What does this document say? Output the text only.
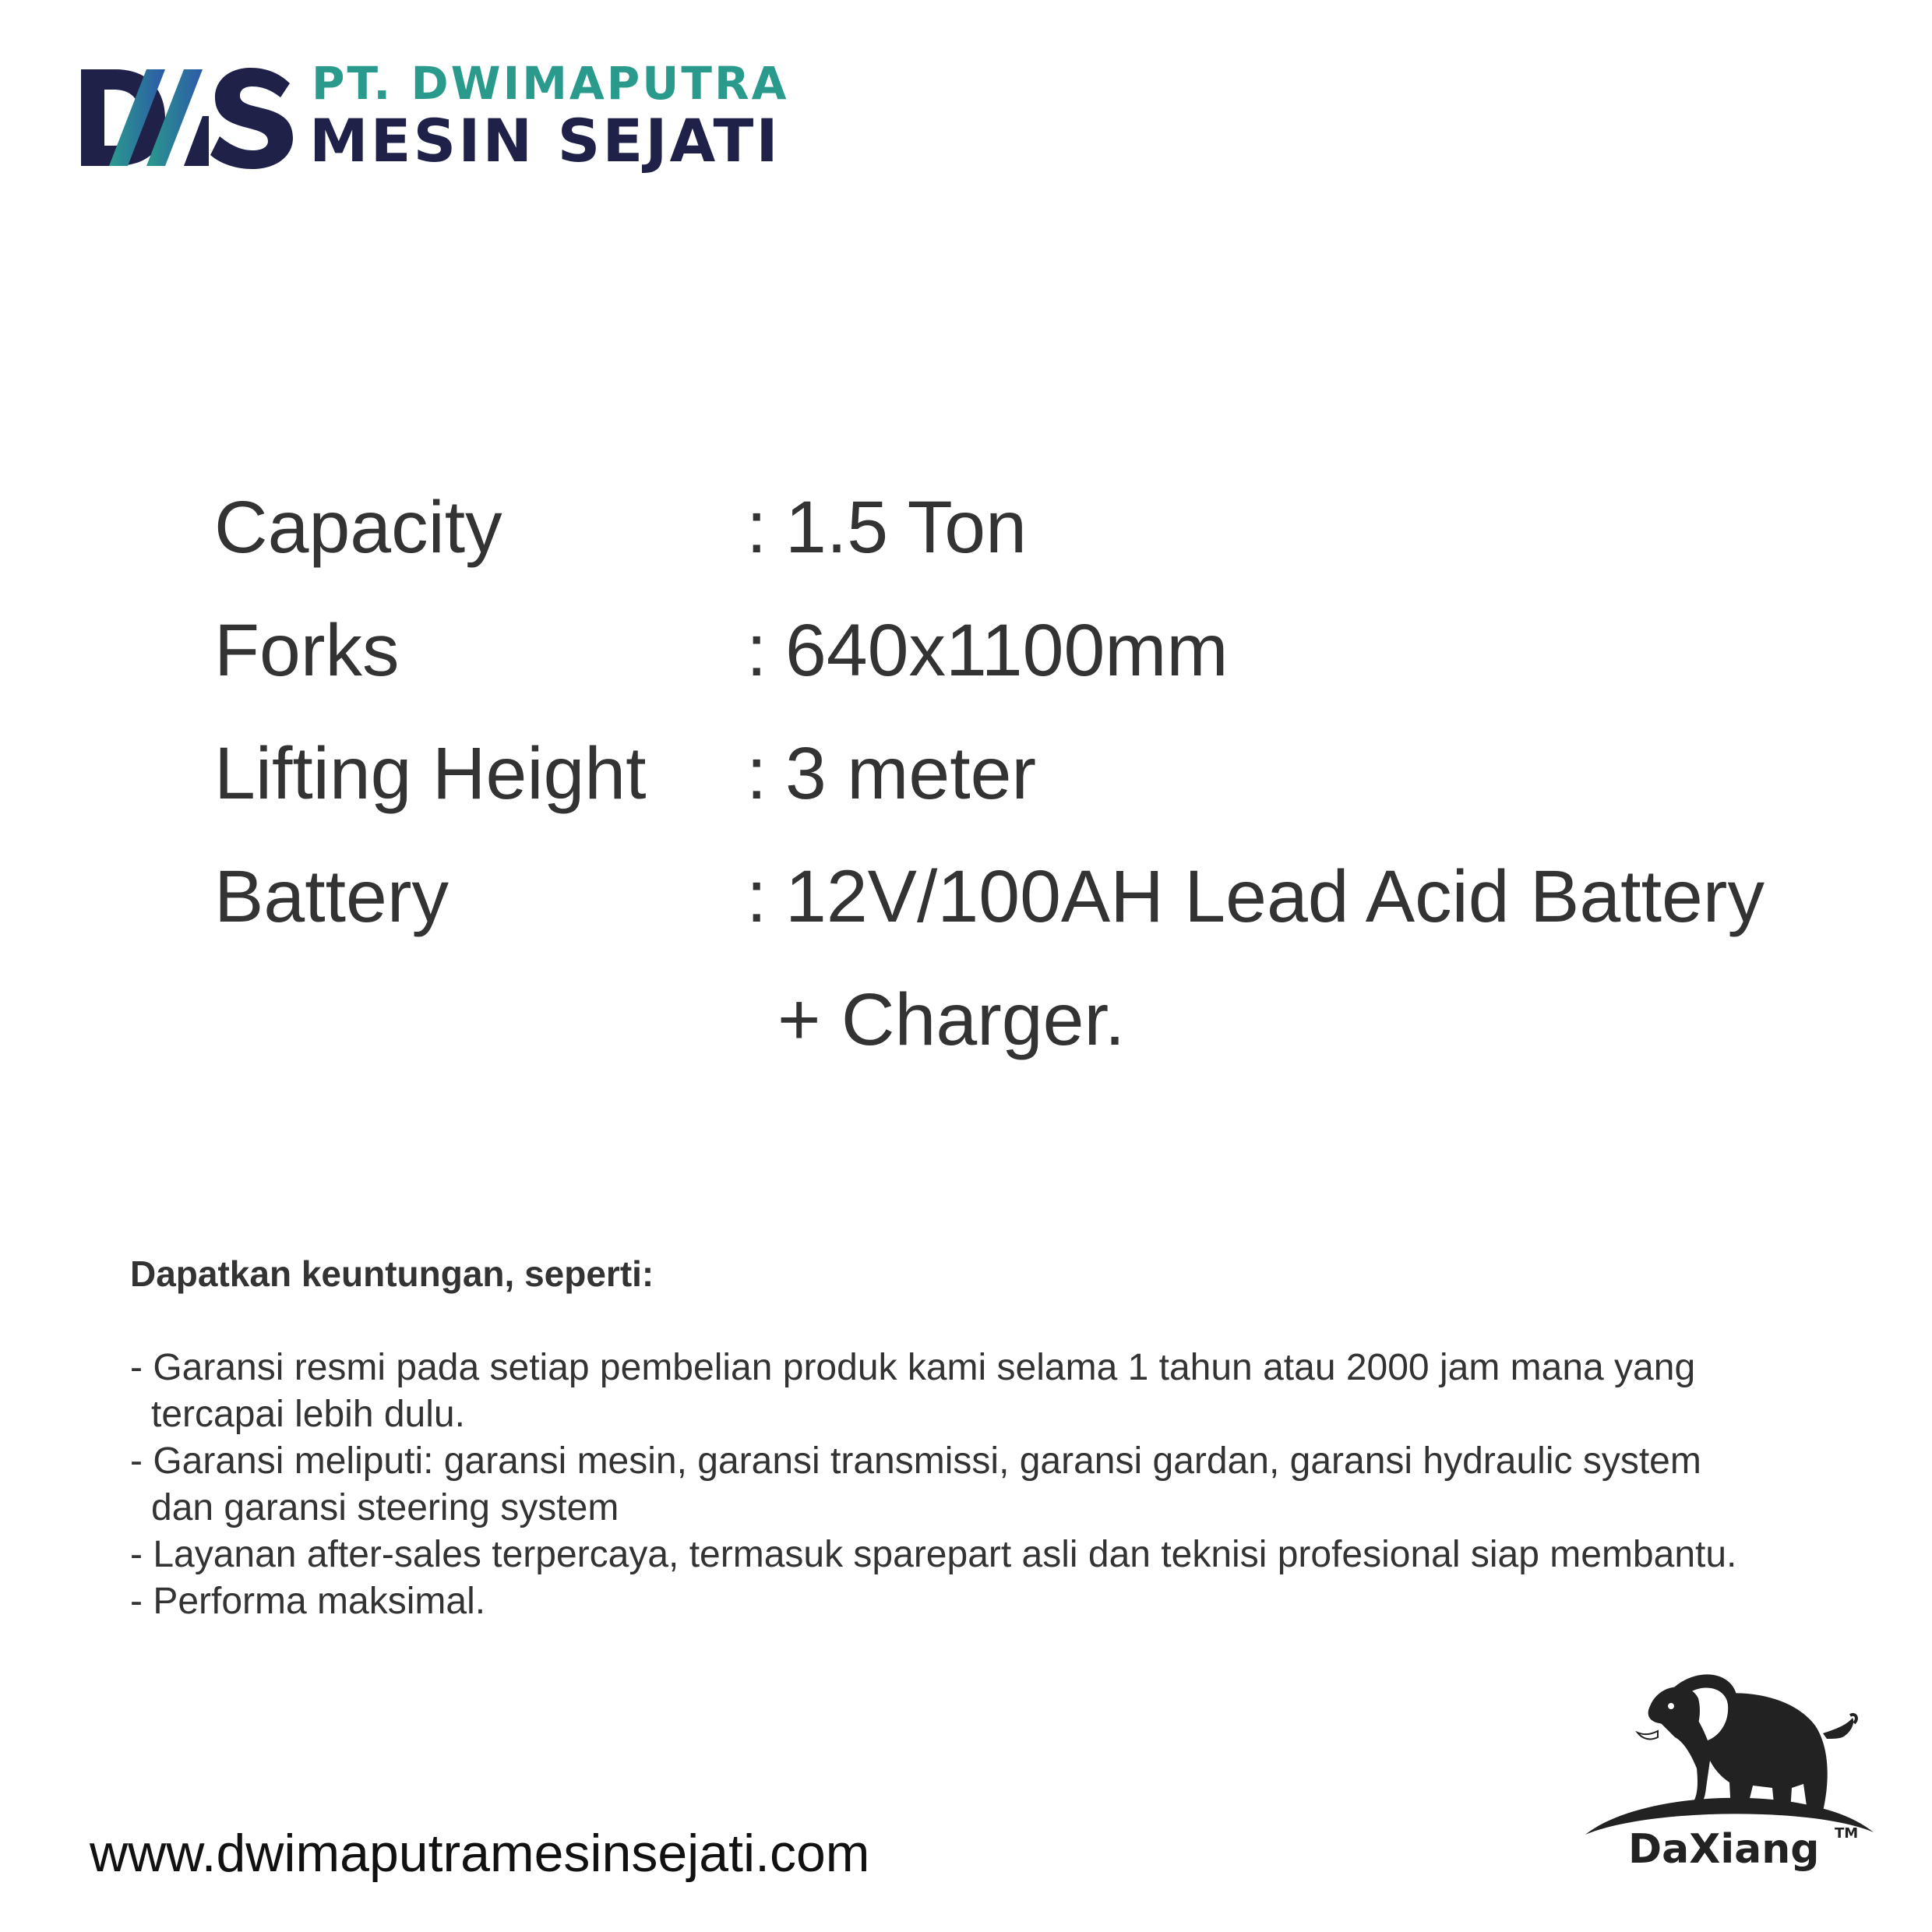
PT. DWIMAPUTRA
MESIN SEJATI
Capacity	: 1.5 Ton
Forks	: 640x1100mm
Lifting Height : 3 meter
Battery	: 12V/100AH Lead Acid Battery
+ Charger.
Dapatkan keuntungan, seperti:
- Garansi resmi pada setiap pembelian produk kami selama 1 tahun atau 2000 jam mana yang
tercapai lebih dulu.
- Garansi meliputi: garansi mesin, garansi transmissi, garansi gardan, garansi hydraulic system
dan garansi steering system
- Layanan after-sales terpercaya, termasuk sparepart asli dan teknisi profesional siap membantu.
- Performa maksimal.
www.dwimaputramesinsejati.com	DaXiang TM
